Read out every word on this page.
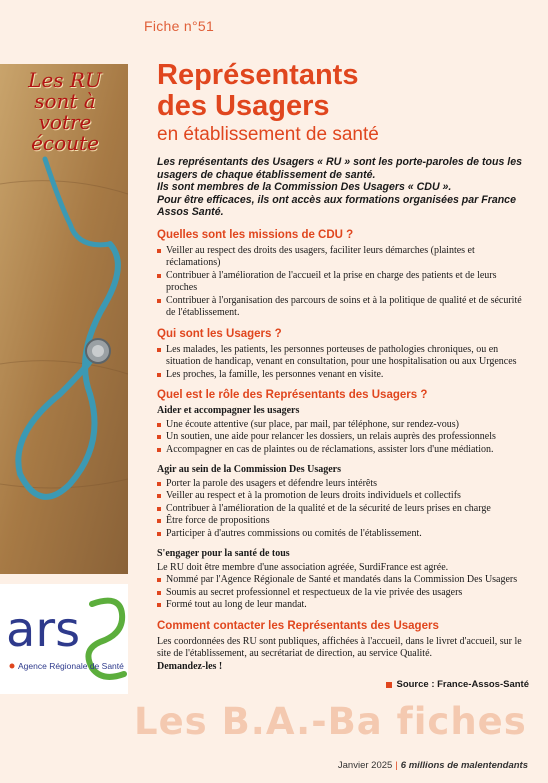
Fiche n°51
Les RU sont à votre écoute
ars
Agence Régionale de Santé
Représentants
des Usagers
en établissement de santé

Les représentants des Usagers « RU » sont les porte-paroles de tous les usagers de chaque établissement de santé.

Ils sont membres de la Commission Des Usagers « CDU ».

Pour être efficaces, ils ont accès aux formations organisées par France Assos Santé.

Quelles sont les missions de CDU ?
Veiller au respect des droits des usagers, faciliter leurs démarches (plaintes et réclamations)
Contribuer à l'amélioration de l'accueil et la prise en charge des patients et de leurs proches
Contribuer à l'organisation des parcours de soins et à la politique de qualité et de sécurité de l'établissement.
Qui sont les Usagers ?
Les malades, les patients, les personnes porteuses de pathologies chroniques, ou en situation de handicap, venant en consultation, pour une hospitalisation ou aux Urgences
Les proches, la famille, les personnes venant en visite.
Quel est le rôle des Représentants des Usagers ?
Aider et accompagner les usagers
Une écoute attentive (sur place, par mail, par téléphone, sur rendez-vous)
Un soutien, une aide pour relancer les dossiers, un relais auprès des professionnels
Accompagner en cas de plaintes ou de réclamations, assister lors d'une médiation.
Agir au sein de la Commission Des Usagers
Porter la parole des usagers et défendre leurs intérêts
Veiller au respect et à la promotion de leurs droits individuels et collectifs
Contribuer à l'amélioration de la qualité et de la sécurité de leurs prises en charge
Être force de propositions
Participer à d'autres commissions ou comités de l'établissement.
S'engager pour la santé de tous

Le RU doit être membre d'une association agréée, SurdiFrance est agrée.

Nommé par l'Agence Régionale de Santé et mandatés dans la Commission Des Usagers
Soumis au secret professionnel et respectueux de la vie privée des usagers
Formé tout au long de leur mandat.
Comment contacter les Représentants des Usagers

Les coordonnées des RU sont publiques, affichées à l'accueil, dans le livret d'accueil, sur le site de l'établissement, au secrétariat de direction, au service Qualité.

Demandez-les !

Source : France-Assos-Santé
Les B.A.-Ba fiches
Janvier 2025 | 6 millions de malentendants
